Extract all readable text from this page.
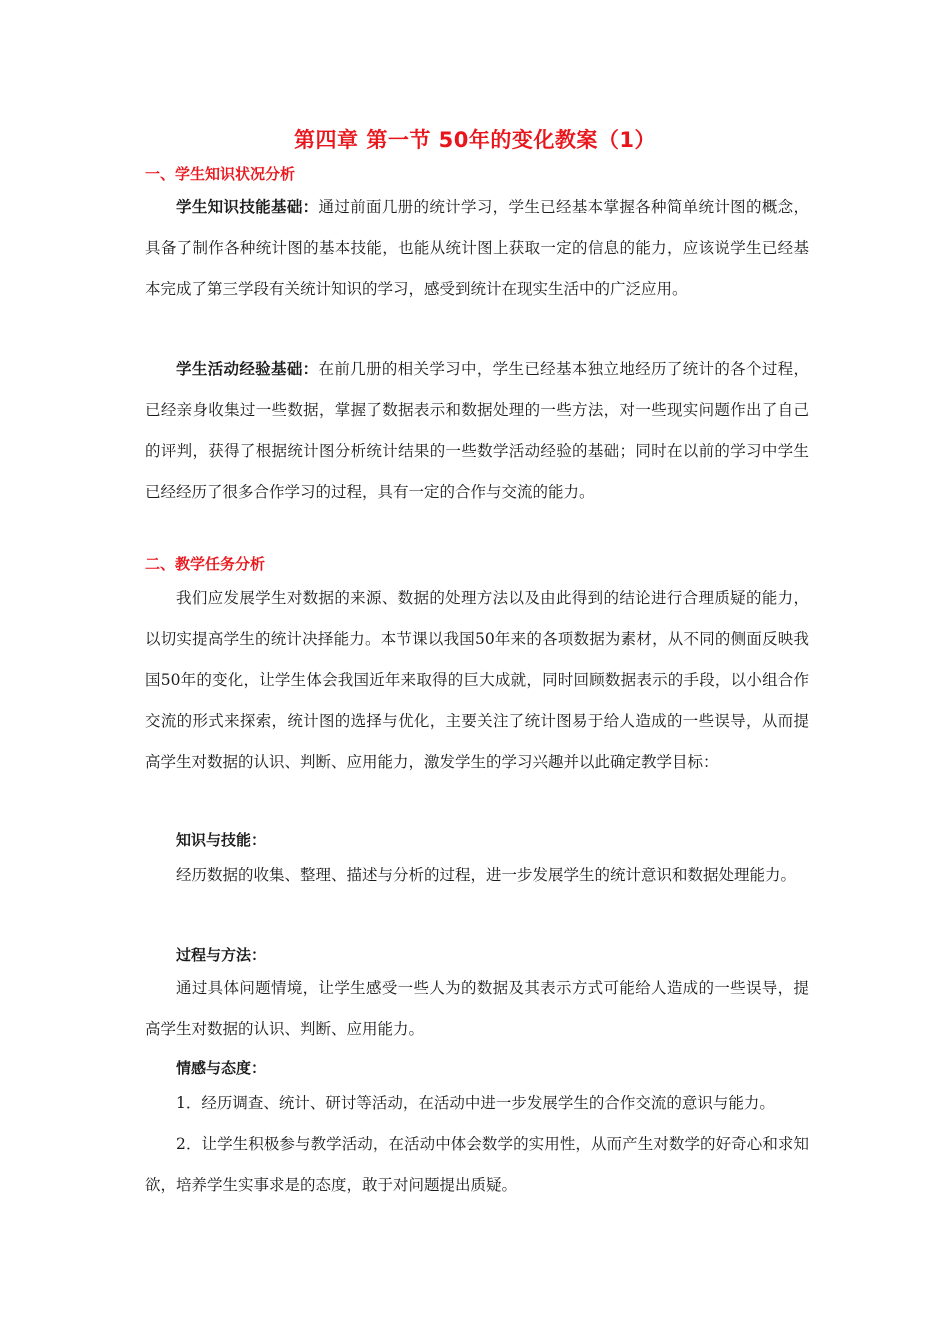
第四章 第一节 50年的变化教案（1）
一、学生知识状况分析

学生知识技能基础：通过前面几册的统计学习，学生已经基本掌握各种简单统计图的概念，具备了制作各种统计图的基本技能，也能从统计图上获取一定的信息的能力，应该说学生已经基本完成了第三学段有关统计知识的学习，感受到统计在现实生活中的广泛应用。

学生活动经验基础：在前几册的相关学习中，学生已经基本独立地经历了统计的各个过程，已经亲身收集过一些数据，掌握了数据表示和数据处理的一些方法，对一些现实问题作出了自己的评判，获得了根据统计图分析统计结果的一些数学活动经验的基础；同时在以前的学习中学生已经经历了很多合作学习的过程，具有一定的合作与交流的能力。

二、教学任务分析

我们应发展学生对数据的来源、数据的处理方法以及由此得到的结论进行合理质疑的能力，以切实提高学生的统计决择能力。本节课以我国50年来的各项数据为素材，从不同的侧面反映我国50年的变化，让学生体会我国近年来取得的巨大成就，同时回顾数据表示的手段，以小组合作交流的形式来探索，统计图的选择与优化，主要关注了统计图易于给人造成的一些误导，从而提高学生对数据的认识、判断、应用能力，激发学生的学习兴趣并以此确定教学目标：

知识与技能：

经历数据的收集、整理、描述与分析的过程，进一步发展学生的统计意识和数据处理能力。

过程与方法：

通过具体问题情境，让学生感受一些人为的数据及其表示方式可能给人造成的一些误导，提高学生对数据的认识、判断、应用能力。

情感与态度：

1．经历调查、统计、研讨等活动，在活动中进一步发展学生的合作交流的意识与能力。

2．让学生积极参与教学活动，在活动中体会数学的实用性，从而产生对数学的好奇心和求知欲，培养学生实事求是的态度，敢于对问题提出质疑。
